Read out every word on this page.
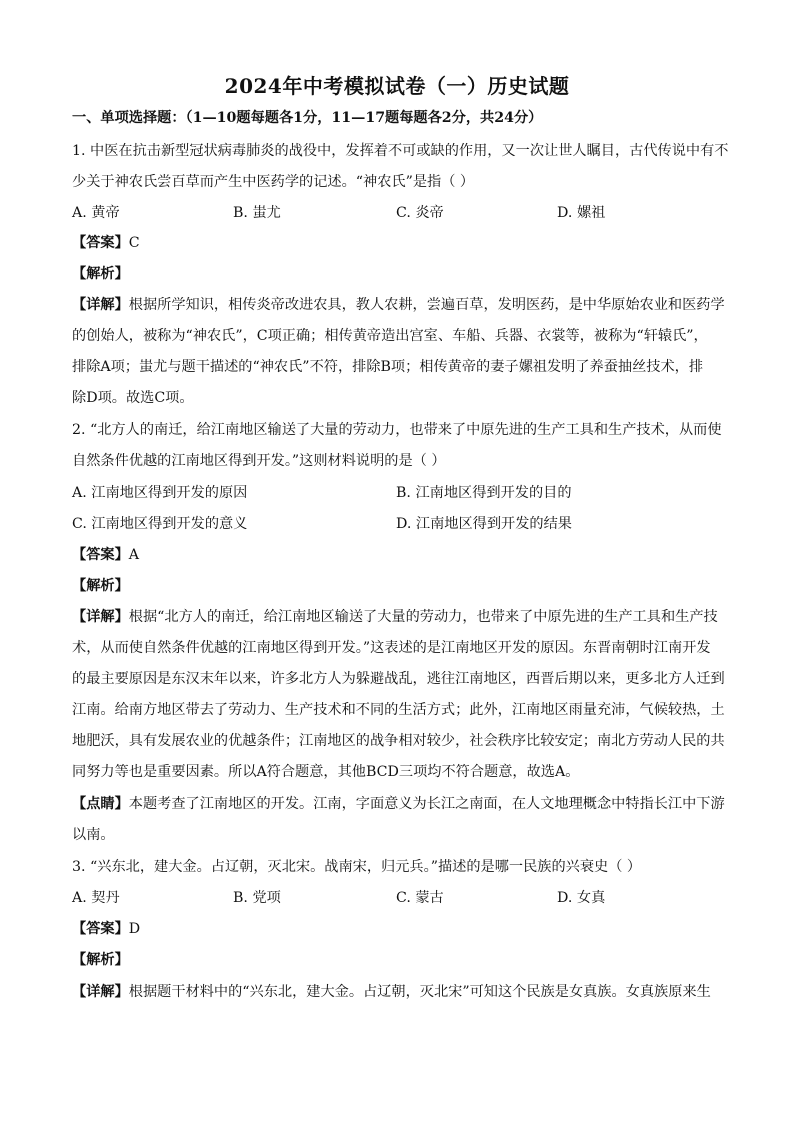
2024年中考模拟试卷（一）历史试题
一、单项选择题：（1—10题每题各1分，11—17题每题各2分，共24分）
1. 中医在抗击新型冠状病毒肺炎的战役中，发挥着不可或缺的作用，又一次让世人瞩目，古代传说中有不
少关于神农氏尝百草而产生中医药学的记述。“神农氏”是指（ ）
A. 黄帝	B. 蚩尤	C. 炎帝	D. 嫘祖
【答案】C
【解析】
【详解】根据所学知识，相传炎帝改进农具，教人农耕，尝遍百草，发明医药，是中华原始农业和医药学
的创始人，被称为“神农氏”，C项正确；相传黄帝造出宫室、车船、兵器、衣裳等，被称为“轩辕氏”，
排除A项；蚩尤与题干描述的“神农氏”不符，排除B项；相传黄帝的妻子嫘祖发明了养蚕抽丝技术，排
除D项。故选C项。
2. “北方人的南迁，给江南地区输送了大量的劳动力，也带来了中原先进的生产工具和生产技术，从而使
自然条件优越的江南地区得到开发。”这则材料说明的是（ ）
A. 江南地区得到开发的原因	B. 江南地区得到开发的目的
C. 江南地区得到开发的意义	D. 江南地区得到开发的结果
【答案】A
【解析】
【详解】根据“北方人的南迁，给江南地区输送了大量的劳动力，也带来了中原先进的生产工具和生产技
术，从而使自然条件优越的江南地区得到开发。”这表述的是江南地区开发的原因。东晋南朝时江南开发
的最主要原因是东汉末年以来，许多北方人为躲避战乱，逃往江南地区，西晋后期以来，更多北方人迁到
江南。给南方地区带去了劳动力、生产技术和不同的生活方式；此外，江南地区雨量充沛，气候较热，土
地肥沃，具有发展农业的优越条件；江南地区的战争相对较少，社会秩序比较安定；南北方劳动人民的共
同努力等也是重要因素。所以A符合题意，其他BCD三项均不符合题意，故选A。
【点睛】本题考查了江南地区的开发。江南，字面意义为长江之南面，在人文地理概念中特指长江中下游
以南。
3. “兴东北，建大金。占辽朝，灭北宋。战南宋，归元兵。”描述的是哪一民族的兴衰史（ ）
A. 契丹	B. 党项	C. 蒙古	D. 女真
【答案】D
【解析】
【详解】根据题干材料中的“兴东北，建大金。占辽朝，灭北宋”可知这个民族是女真族。女真族原来生
